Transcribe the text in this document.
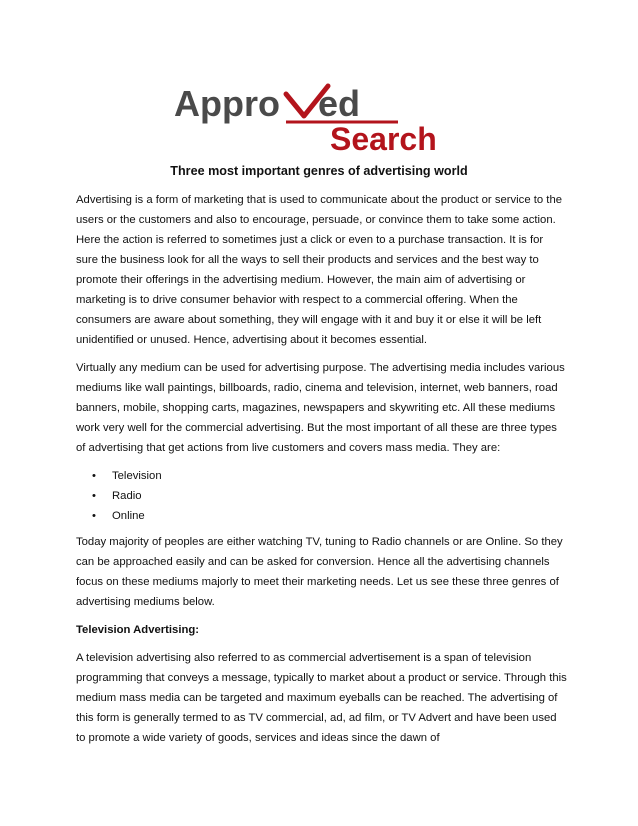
Appro ed
Search
Three most important genres of advertising world

Advertising is a form of marketing that is used to communicate about the product or service to the users or the customers and also to encourage, persuade, or convince them to take some action. Here the action is referred to sometimes just a click or even to a purchase transaction. It is for sure the business look for all the ways to sell their products and services and the best way to promote their offerings in the advertising medium. However, the main aim of advertising or marketing is to drive consumer behavior with respect to a commercial offering. When the consumers are aware about something, they will engage with it and buy it or else it will be left unidentified or unused. Hence, advertising about it becomes essential.

Virtually any medium can be used for advertising purpose. The advertising media includes various mediums like wall paintings, billboards, radio, cinema and television, internet, web banners, road banners, mobile, shopping carts, magazines, newspapers and skywriting etc. All these mediums work very well for the commercial advertising. But the most important of all these are three types of advertising that get actions from live customers and covers mass media. They are:

• Television
• Radio
• Online

Today majority of peoples are either watching TV, tuning to Radio channels or are Online. So they can be approached easily and can be asked for conversion. Hence all the advertising channels focus on these mediums majorly to meet their marketing needs. Let us see these three genres of advertising mediums below.

Television Advertising:

A television advertising also referred to as commercial advertisement is a span of television programming that conveys a message, typically to market about a product or service. Through this medium mass media can be targeted and maximum eyeballs can be reached. The advertising of this form is generally termed to as TV commercial, ad, ad film, or TV Advert and have been used to promote a wide variety of goods, services and ideas since the dawn of
